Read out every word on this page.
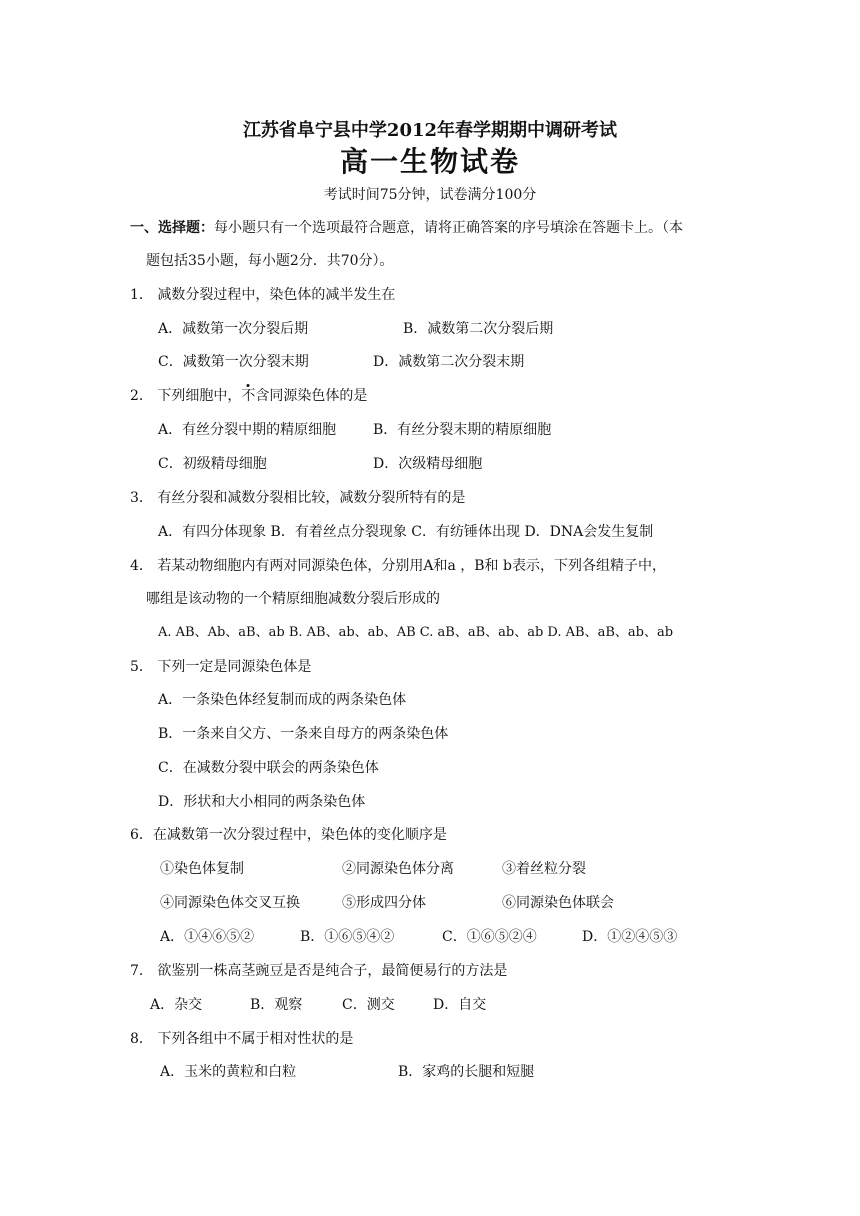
江苏省阜宁县中学2012年春学期期中调研考试
高一生物试卷
考试时间75分钟，试卷满分100分
一、选择题：每小题只有一个选项最符合题意，请将正确答案的序号填涂在答题卡上。（本
题包括35小题，每小题2分．共70分）。
1． 减数分裂过程中，染色体的减半发生在
A．减数第一次分裂后期	B．减数第二次分裂后期
C．减数第一次分裂末期	D．减数第二次分裂末期
2． 下列细胞中，不含同源染色体的是
A．有丝分裂中期的精原细胞	B．有丝分裂末期的精原细胞
C．初级精母细胞	D．次级精母细胞
3． 有丝分裂和减数分裂相比较，减数分裂所特有的是
A．有四分体现象 B．有着丝点分裂现象 C．有纺锤体出现 D．DNA会发生复制
4． 若某动物细胞内有两对同源染色体，分别用A和a ，B和 b表示，下列各组精子中，
哪组是该动物的一个精原细胞减数分裂后形成的
A. AB、Ab、aB、ab B. AB、ab、ab、AB C. aB、aB、ab、ab D. AB、aB、ab、ab
5． 下列一定是同源染色体是
A．一条染色体经复制而成的两条染色体
B．一条来自父方、一条来自母方的两条染色体
C．在减数分裂中联会的两条染色体
D．形状和大小相同的两条染色体
6．在减数第一次分裂过程中，染色体的变化顺序是
①染色体复制	②同源染色体分离	③着丝粒分裂
④同源染色体交叉互换	⑤形成四分体	⑥同源染色体联会
A．①④⑥⑤②	B．①⑥⑤④②	C．①⑥⑤②④	D．①②④⑤③
7． 欲鉴别一株高茎豌豆是否是纯合子，最简便易行的方法是
A．杂交	B．观察	C．测交	D．自交
8． 下列各组中不属于相对性状的是
A．玉米的黄粒和白粒	B．家鸡的长腿和短腿
